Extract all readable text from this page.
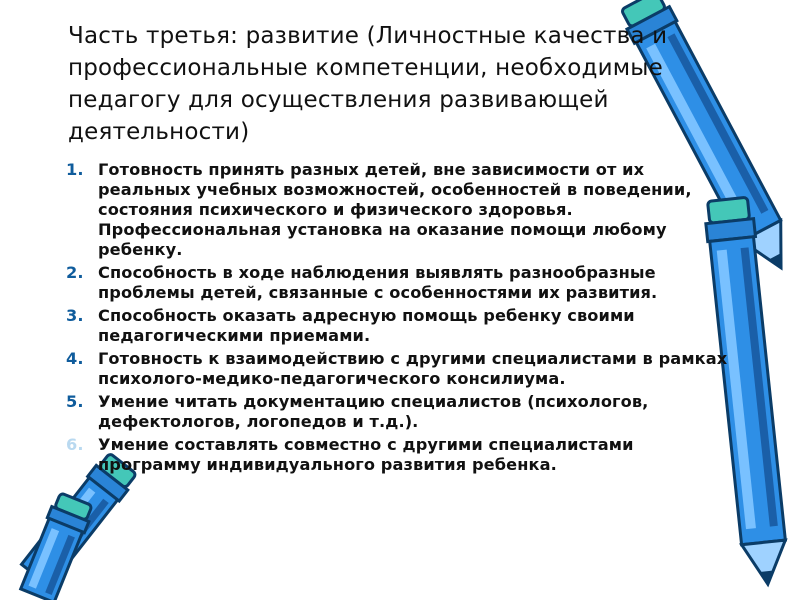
Часть третья: развитие (Личностные качества и профессиональные компетенции, необходимые педагогу для осуществления развивающей деятельности)
1. Готовность принять разных детей, вне зависимости от их реальных учебных возможностей, особенностей в поведении, состояния психического и физического здоровья. Профессиональная установка на оказание помощи любому ребенку.
2. Способность в ходе наблюдения выявлять разнообразные проблемы детей, связанные с особенностями их развития.
3. Способность оказать адресную помощь ребенку своими педагогическими приемами.
4. Готовность к взаимодействию с другими специалистами в рамках психолого-медико-педагогического консилиума.
5. Умение читать документацию специалистов (психологов, дефектологов, логопедов и т.д.).
6. Умение составлять совместно с другими специалистами программу индивидуального развития ребенка.
